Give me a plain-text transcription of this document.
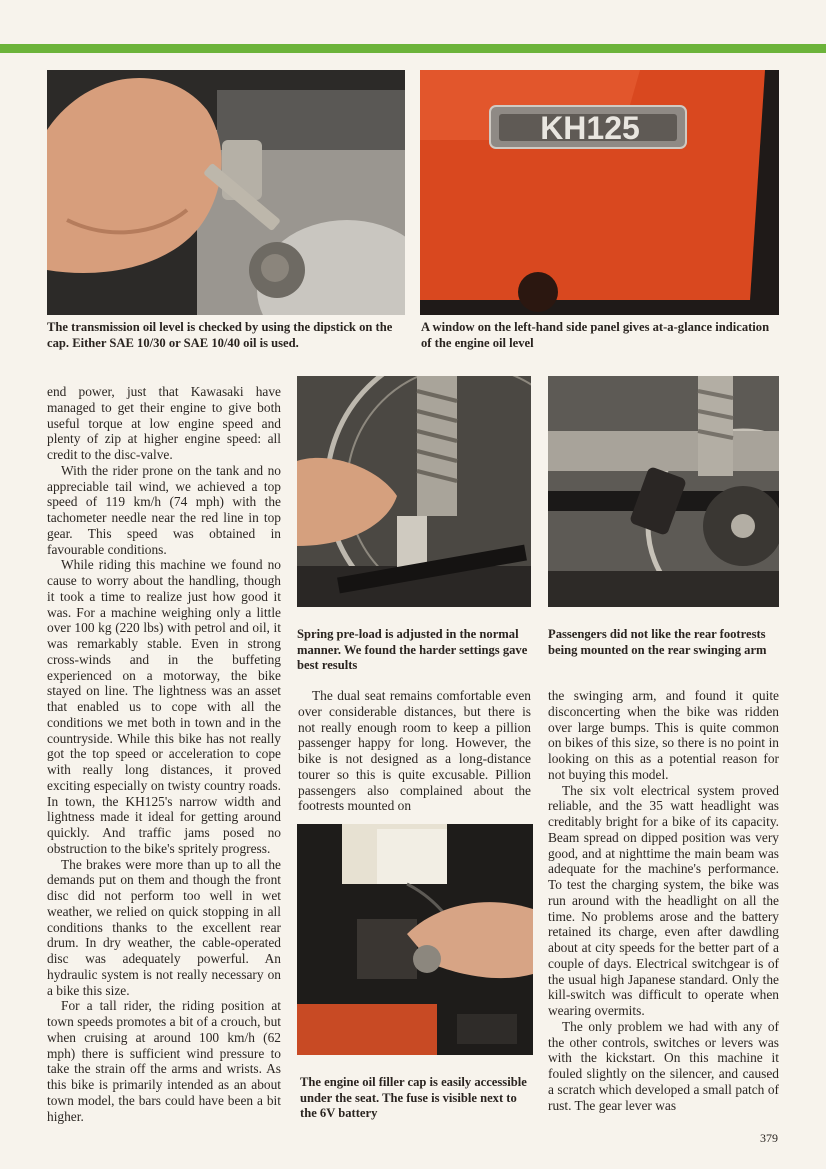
KH125
The transmission oil level is checked by using the dipstick on the cap. Either SAE 10/30 or SAE 10/40 oil is used.
A window on the left-hand side panel gives at-a-glance indication of the engine oil level
Spring pre-load is adjusted in the normal manner. We found the harder settings gave best results
Passengers did not like the rear footrests being mounted on the rear swinging arm
The engine oil filler cap is easily accessible under the seat. The fuse is visible next to the 6V battery

end power, just that Kawasaki have managed to get their engine to give both useful torque at low engine speed and plenty of zip at higher engine speed: all credit to the disc-valve.

With the rider prone on the tank and no appreciable tail wind, we achieved a top speed of 119 km/h (74 mph) with the tachometer needle near the red line in top gear. This speed was obtained in favourable conditions.

While riding this machine we found no cause to worry about the handling, though it took a time to realize just how good it was. For a machine weighing only a little over 100 kg (220 lbs) with petrol and oil, it was remarkably stable. Even in strong cross-winds and in the buffeting experienced on a motorway, the bike stayed on line. The lightness was an asset that enabled us to cope with all the conditions we met both in town and in the countryside. While this bike has not really got the top speed or acceleration to cope with really long distances, it proved exciting especially on twisty country roads. In town, the KH125's narrow width and lightness made it ideal for getting around quickly. And traffic jams posed no obstruction to the bike's spritely progress.

The brakes were more than up to all the demands put on them and though the front disc did not perform too well in wet weather, we relied on quick stopping in all conditions thanks to the excellent rear drum. In dry weather, the cable-operated disc was adequately powerful. An hydraulic system is not really necessary on a bike this size.

For a tall rider, the riding position at town speeds promotes a bit of a crouch, but when cruising at around 100 km/h (62 mph) there is sufficient wind pressure to take the strain off the arms and wrists. As this bike is primarily intended as an about town model, the bars could have been a bit higher.

The dual seat remains comfortable even over considerable distances, but there is not really enough room to keep a pillion passenger happy for long. However, the bike is not designed as a long-distance tourer so this is quite excusable. Pillion passengers also complained about the footrests mounted on

the swinging arm, and found it quite disconcerting when the bike was ridden over large bumps. This is quite common on bikes of this size, so there is no point in looking on this as a potential reason for not buying this model.

The six volt electrical system proved reliable, and the 35 watt headlight was creditably bright for a bike of its capacity. Beam spread on dipped position was very good, and at nighttime the main beam was adequate for the machine's performance. To test the charging system, the bike was run around with the headlight on all the time. No problems arose and the battery retained its charge, even after dawdling about at city speeds for the better part of a couple of days. Electrical switchgear is of the usual high Japanese standard. Only the kill-switch was difficult to operate when wearing overmits.

The only problem we had with any of the other controls, switches or levers was with the kickstart. On this machine it fouled slightly on the silencer, and caused a scratch which developed a small patch of rust. The gear lever was

379
